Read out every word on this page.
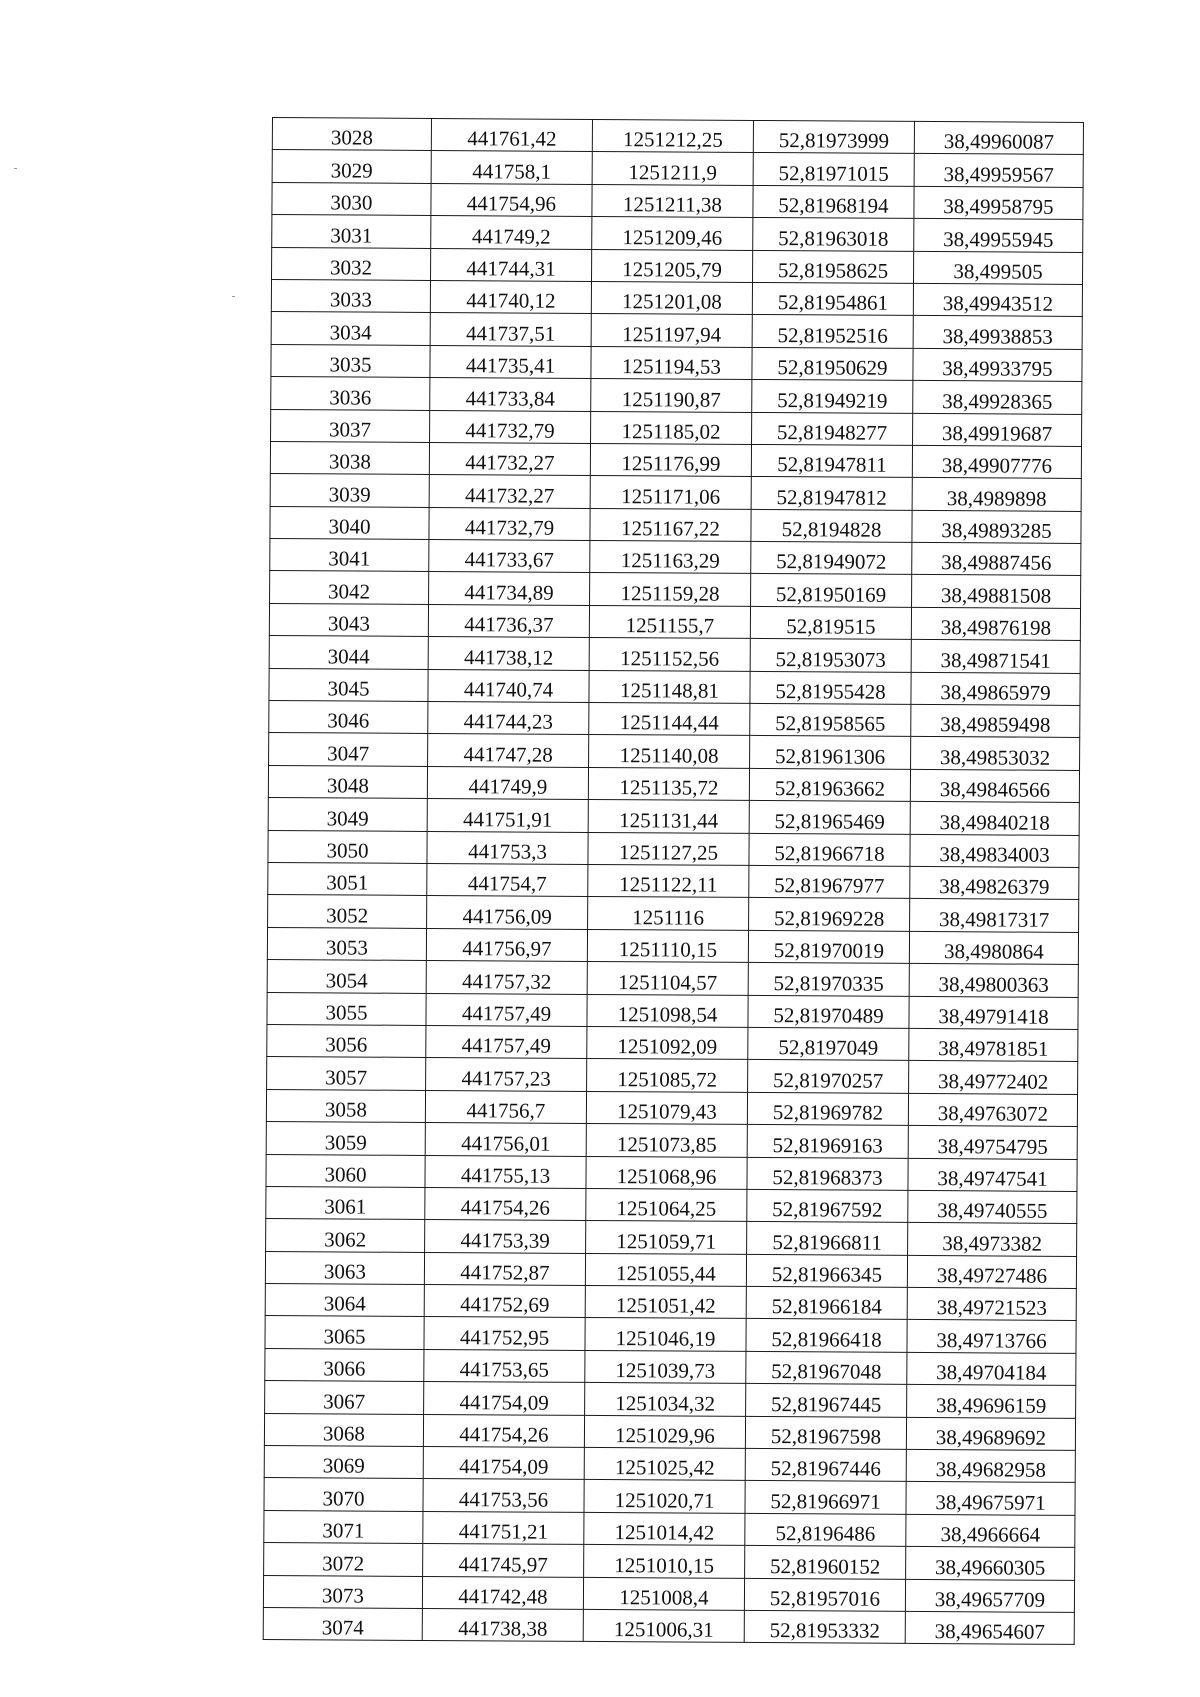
3028	441761,42	1251212,25	52,81973999	38,49960087
3029	441758,1	1251211,9	52,81971015	38,49959567
3030	441754,96	1251211,38	52,81968194	38,49958795
3031	441749,2	1251209,46	52,81963018	38,49955945
3032	441744,31	1251205,79	52,81958625	38,499505
3033	441740,12	1251201,08	52,81954861	38,49943512
3034	441737,51	1251197,94	52,81952516	38,49938853
3035	441735,41	1251194,53	52,81950629	38,49933795
3036	441733,84	1251190,87	52,81949219	38,49928365
3037	441732,79	1251185,02	52,81948277	38,49919687
3038	441732,27	1251176,99	52,81947811	38,49907776
3039	441732,27	1251171,06	52,81947812	38,4989898
3040	441732,79	1251167,22	52,8194828	38,49893285
3041	441733,67	1251163,29	52,81949072	38,49887456
3042	441734,89	1251159,28	52,81950169	38,49881508
3043	441736,37	1251155,7	52,819515	38,49876198
3044	441738,12	1251152,56	52,81953073	38,49871541
3045	441740,74	1251148,81	52,81955428	38,49865979
3046	441744,23	1251144,44	52,81958565	38,49859498
3047	441747,28	1251140,08	52,81961306	38,49853032
3048	441749,9	1251135,72	52,81963662	38,49846566
3049	441751,91	1251131,44	52,81965469	38,49840218
3050	441753,3	1251127,25	52,81966718	38,49834003
3051	441754,7	1251122,11	52,81967977	38,49826379
3052	441756,09	1251116	52,81969228	38,49817317
3053	441756,97	1251110,15	52,81970019	38,4980864
3054	441757,32	1251104,57	52,81970335	38,49800363
3055	441757,49	1251098,54	52,81970489	38,49791418
3056	441757,49	1251092,09	52,8197049	38,49781851
3057	441757,23	1251085,72	52,81970257	38,49772402
3058	441756,7	1251079,43	52,81969782	38,49763072
3059	441756,01	1251073,85	52,81969163	38,49754795
3060	441755,13	1251068,96	52,81968373	38,49747541
3061	441754,26	1251064,25	52,81967592	38,49740555
3062	441753,39	1251059,71	52,81966811	38,4973382
3063	441752,87	1251055,44	52,81966345	38,49727486
3064	441752,69	1251051,42	52,81966184	38,49721523
3065	441752,95	1251046,19	52,81966418	38,49713766
3066	441753,65	1251039,73	52,81967048	38,49704184
3067	441754,09	1251034,32	52,81967445	38,49696159
3068	441754,26	1251029,96	52,81967598	38,49689692
3069	441754,09	1251025,42	52,81967446	38,49682958
3070	441753,56	1251020,71	52,81966971	38,49675971
3071	441751,21	1251014,42	52,8196486	38,4966664
3072	441745,97	1251010,15	52,81960152	38,49660305
3073	441742,48	1251008,4	52,81957016	38,49657709
3074	441738,38	1251006,31	52,81953332	38,49654607
